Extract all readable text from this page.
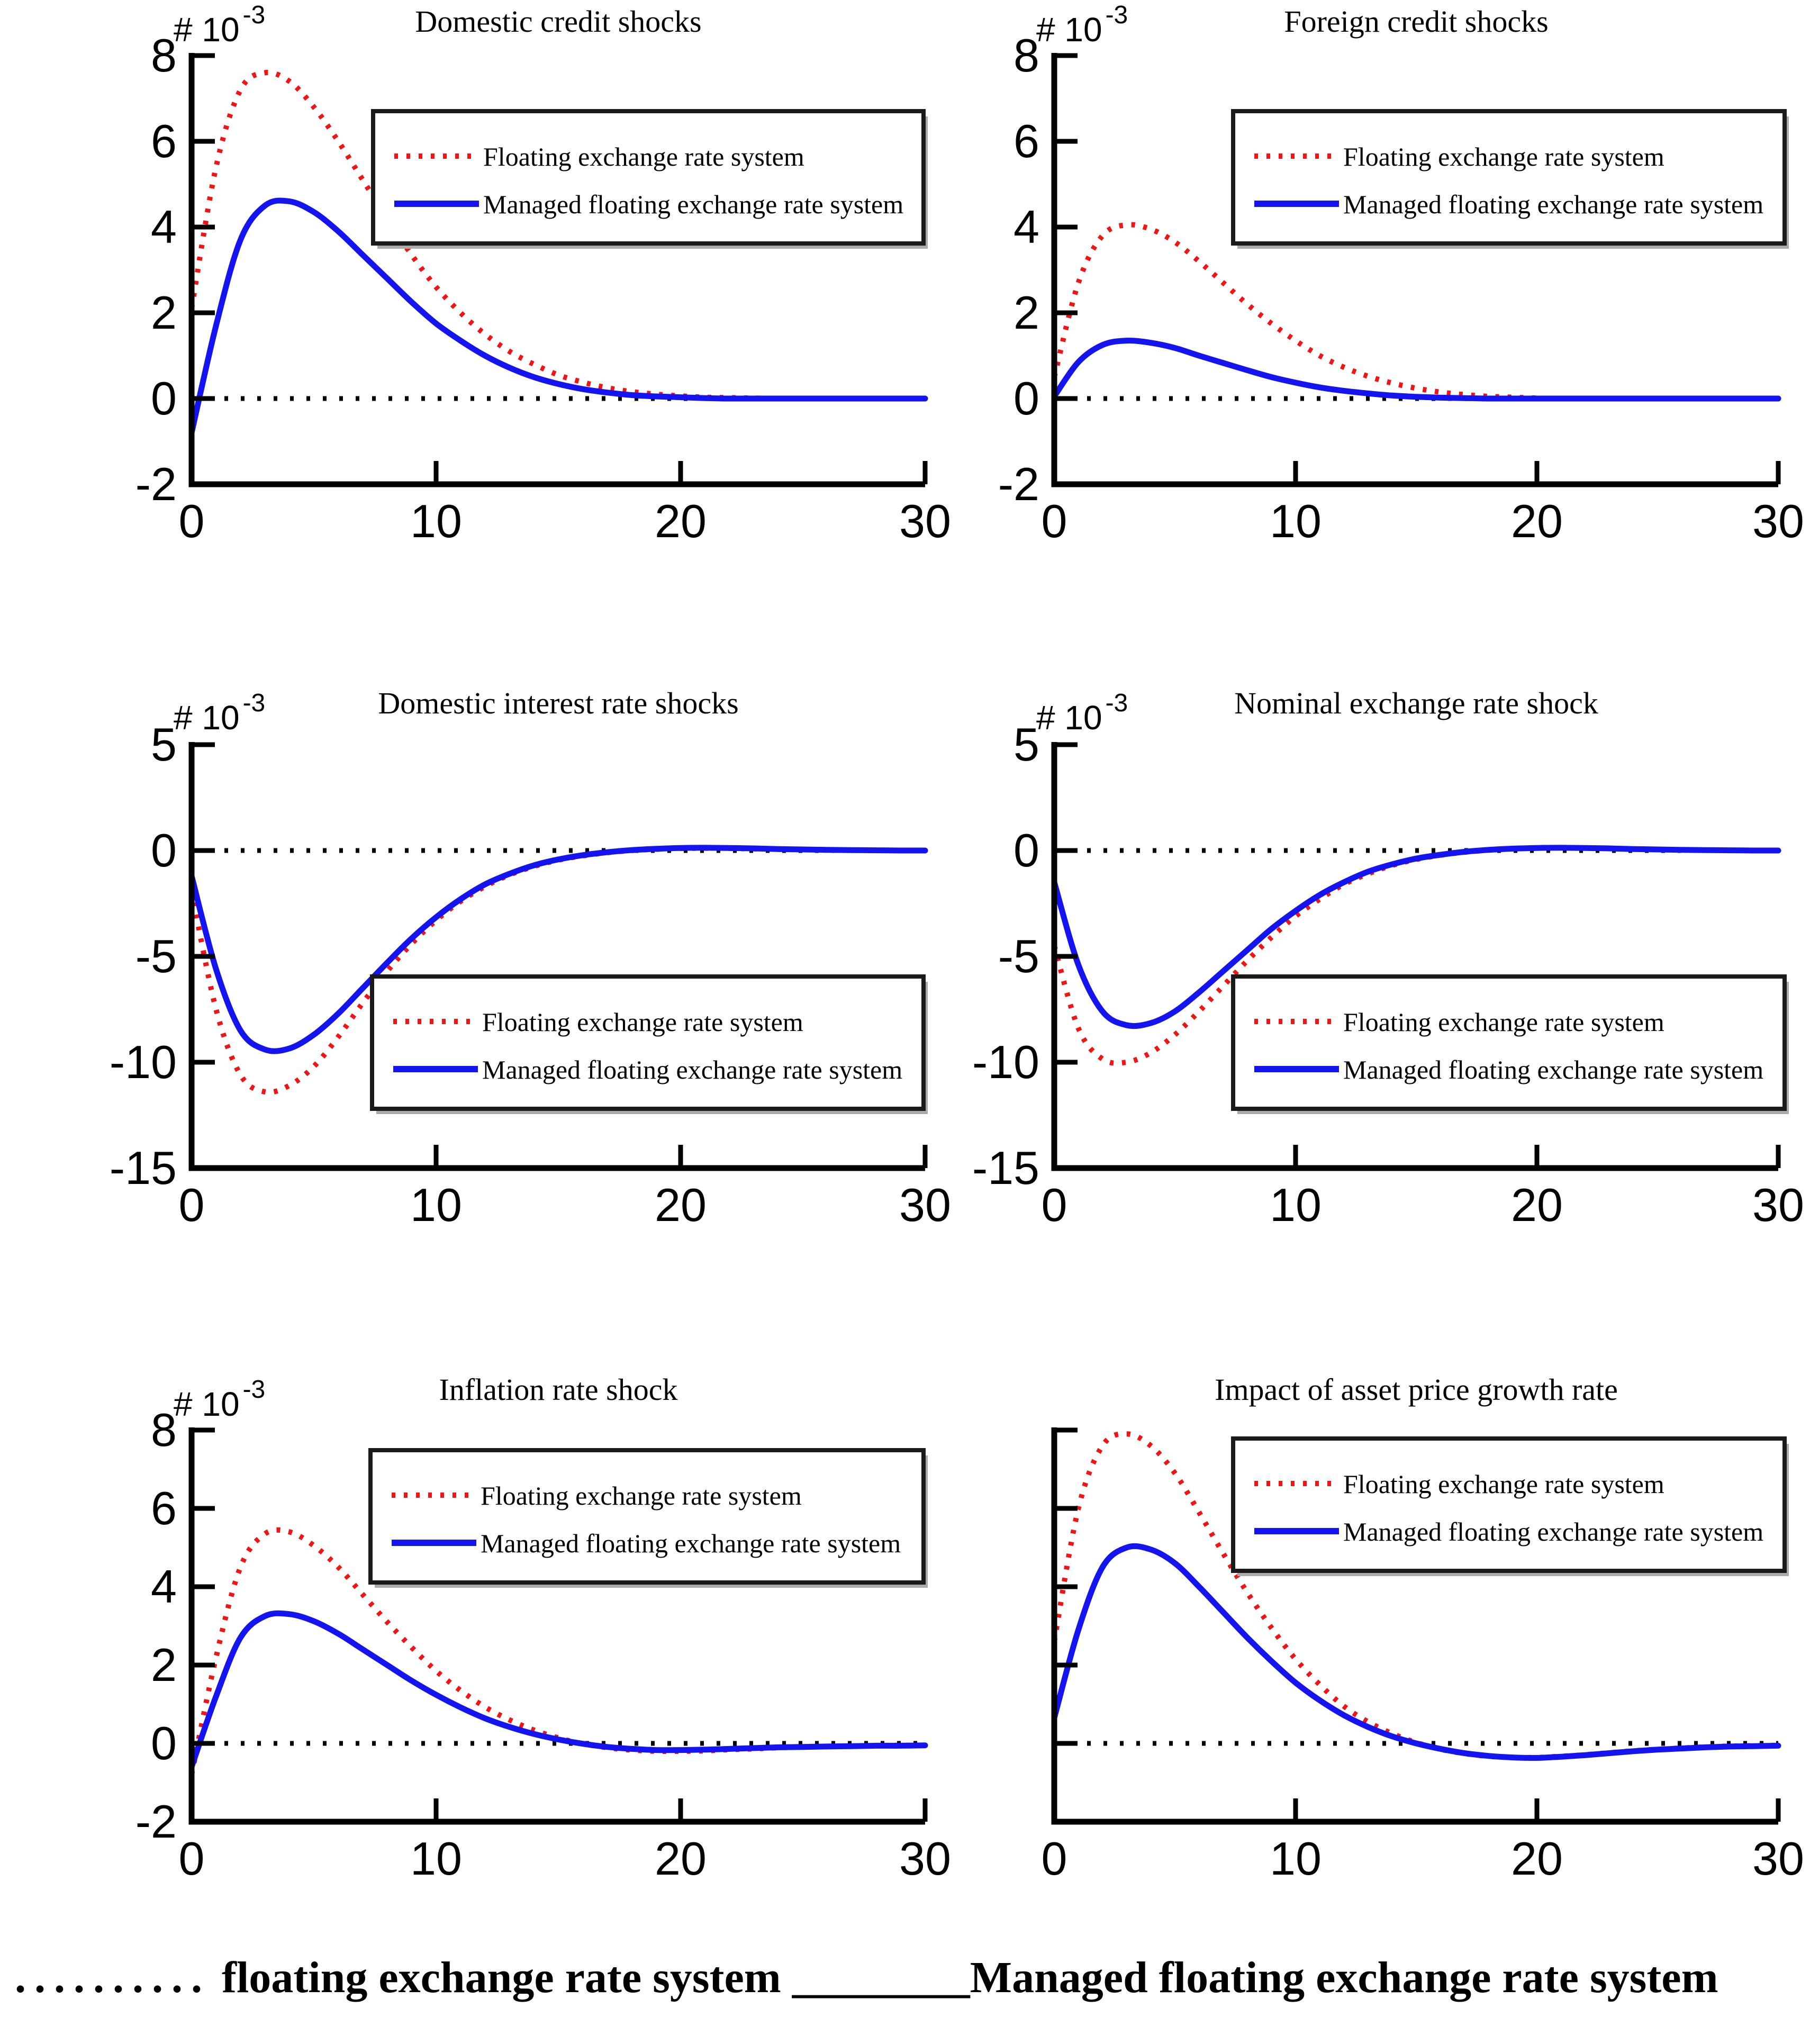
Floating exchange rate system
Managed floating exchange rate system
8
6
4
2
0
-2
0	10	20	30
# 10 $^{-3}$	Domestic credit shocks
Floating exchange rate system
Managed floating exchange rate system
8
6
4
2
0
-2
0	10	20	30
# 10 $^{-3}$	Foreign credit shocks
Floating exchange rate system
Managed floating exchange rate system
5
0
-5
-10
-15
0	10	20	30
# 10 $^{-3}$	Domestic interest rate shocks
Floating exchange rate system
Managed floating exchange rate system
5
0
-5
-10
-15
0	10	20	30
# 10 $^{-3}$	Nominal exchange rate shock
Floating exchange rate system
Managed floating exchange rate system
8
6
4
2
0
-2
0	10	20	30
# 10 $^{-3}$	Inflation rate shock
Floating exchange rate system
Managed floating exchange rate system
0	10	20	30
Impact of asset price growth rate
.......... floating exchange rate system ________Managed floating exchange rate system
